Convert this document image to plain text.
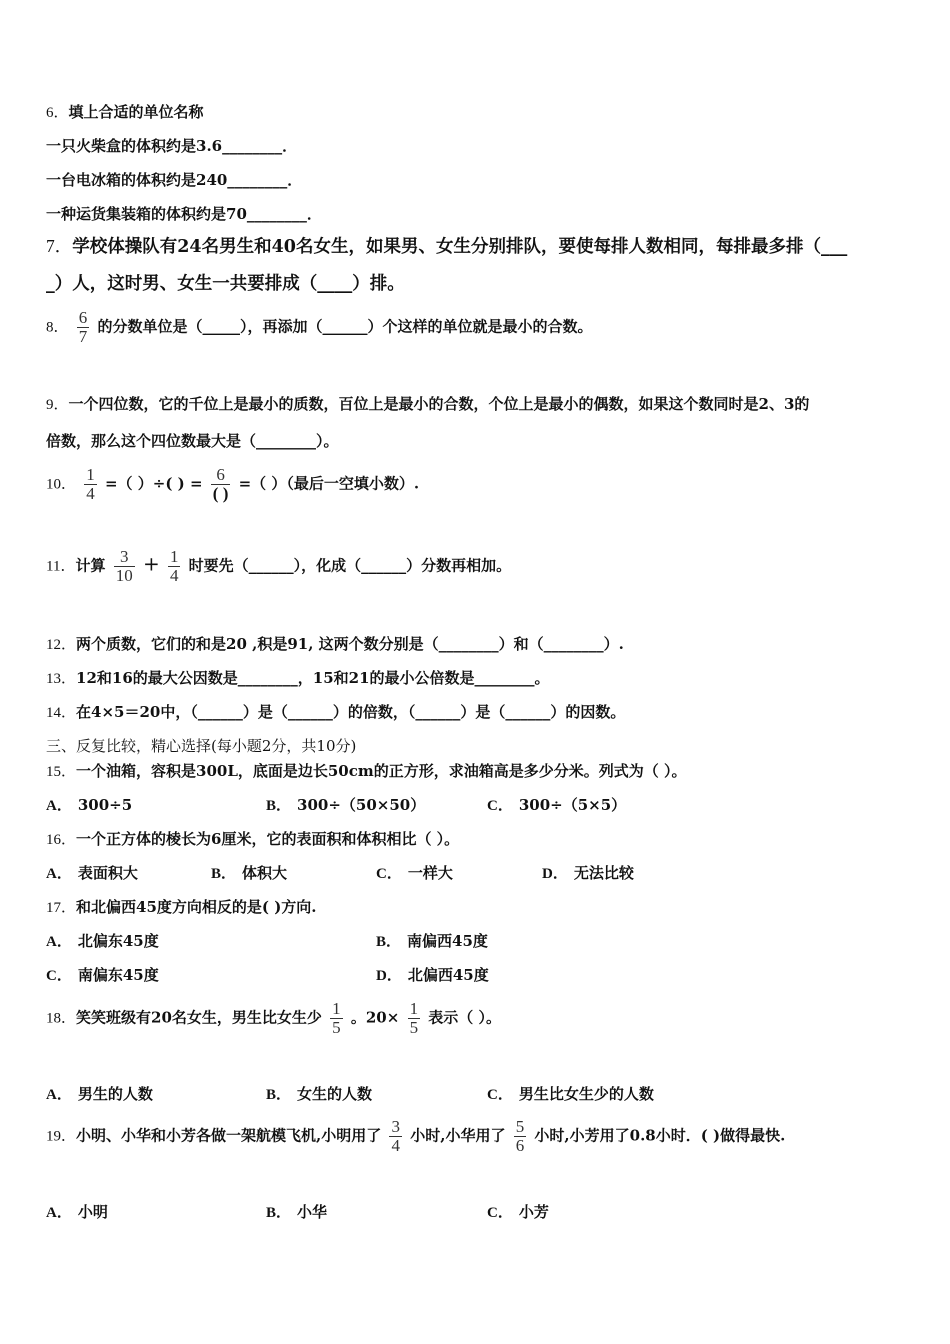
6．填上合适的单位名称
一只火柴盒的体积约是3.6________．
一台电冰箱的体积约是240________．
一种运货集装箱的体积约是70________．
7．学校体操队有24名男生和40名女生，如果男、女生分别排队，要使每排人数相同，每排最多排（___
_）人，这时男、女生一共要排成（____）排。
8． $\frac{6}{7}$ 的分数单位是（_____），再添加（______）个这样的单位就是最小的合数。
9．一个四位数，它的千位上是最小的质数，百位上是最小的合数，个位上是最小的偶数，如果这个数同时是2、3的
倍数，那么这个四位数最大是（________）。
10． $\frac{1}{4}$ =（ ）÷( ) = $\frac{6}{( )}$ =（ ）（最后一空填小数）.
11．计算 $\frac{3}{10} + \frac{1}{4}$ 时要先（______），化成（______）分数再相加。
12．两个质数，它们的和是20 ,积是91, 这两个数分别是（________）和（________）.
13．12和16的最大公因数是________，15和21的最小公倍数是________。
14．在4×5＝20中，（______）是（______）的倍数，（______）是（______）的因数。
三、反复比较，精心选择(每小题2分，共10分)
15．一个油箱，容积是300L，底面是边长50cm的正方形，求油箱高是多少分米。列式为（ ）。
A． 300÷5	B． 300÷（50×50）	C． 300÷（5×5）
16．一个正方体的棱长为6厘米，它的表面积和体积相比（ ）。
A． 表面积大	B． 体积大	C． 一样大	D． 无法比较
17．和北偏西45度方向相反的是( )方向.
A． 北偏东45度	B． 南偏西45度
C． 南偏东45度	D． 北偏西45度
18．笑笑班级有20名女生，男生比女生少 $\frac{1}{5}$ 。$20\times \frac{1}{5}$ 表示（ ）。
A． 男生的人数	B． 女生的人数	C． 男生比女生少的人数
19．小明、小华和小芳各做一架航模飞机,小明用了 $\frac{3}{4}$ 小时,小华用了 $\frac{5}{6}$ 小时,小芳用了0.8小时．( )做得最快.
A． 小明	B． 小华	C． 小芳
